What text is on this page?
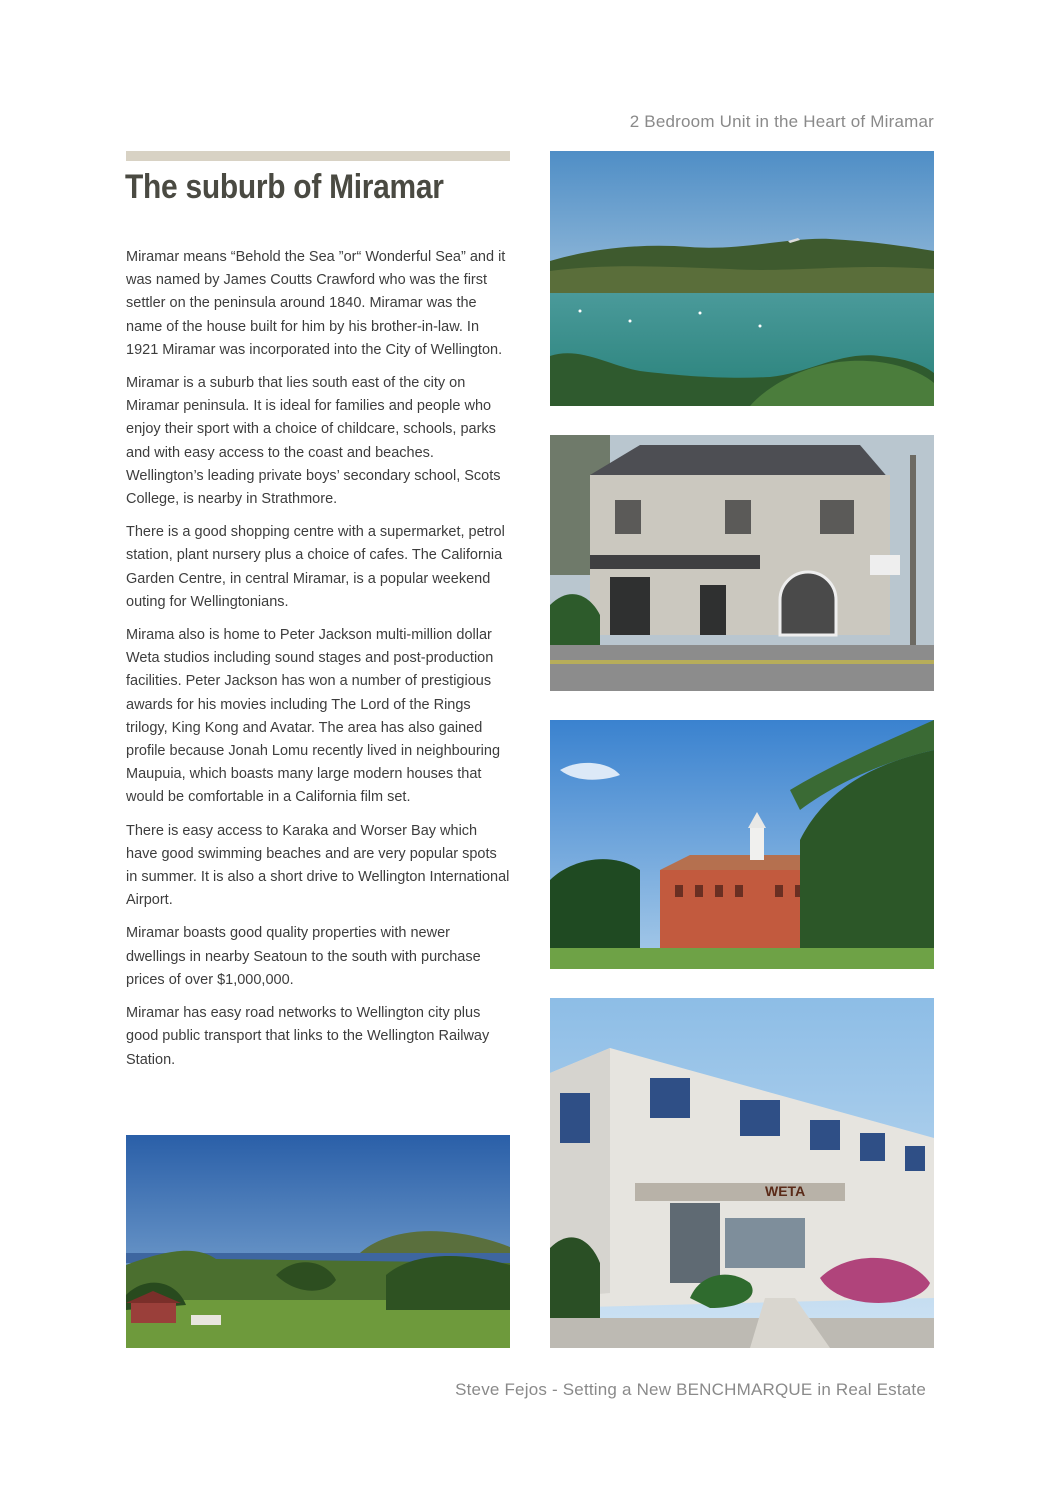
2 Bedroom Unit in the Heart of Miramar
The suburb of Miramar

Miramar means “Behold the Sea ”or“ Wonderful Sea” and it was named by James Coutts Crawford who was the first settler on the peninsula around 1840. Miramar was the name of the house built for him by his brother-in-law. In 1921 Miramar was incorporated into the City of Wellington.

Miramar is a suburb that lies south east of the city on Miramar peninsula. It is ideal for families and people who enjoy their sport with a choice of childcare, schools, parks and with easy access to the coast and beaches. Wellington’s leading private boys’ secondary school, Scots College, is nearby in Strathmore.

There is a good shopping centre with a supermarket, petrol station, plant nursery plus a choice of cafes. The California Garden Centre, in central Miramar, is a popular weekend outing for Wellingtonians.

Mirama also is home to Peter Jackson multi-million dollar Weta studios including sound stages and post-production facilities. Peter Jackson has won a number of prestigious awards for his movies including The Lord of the Rings trilogy, King Kong and Avatar. The area has also gained profile because Jonah Lomu recently lived in neighbouring Maupuia, which boasts many large modern houses that would be comfortable in a California film set.

There is easy access to Karaka and Worser Bay which have good swimming beaches and are very popular spots in summer. It is also a short drive to Wellington International Airport.

Miramar boasts good quality properties with newer dwellings in nearby Seatoun to the south with purchase prices of over $1,000,000.

Miramar has easy road networks to Wellington city plus good public transport that links to the Wellington Railway Station.

WETA
Steve Fejos - Setting a New BENCHMARQUE in Real Estate
